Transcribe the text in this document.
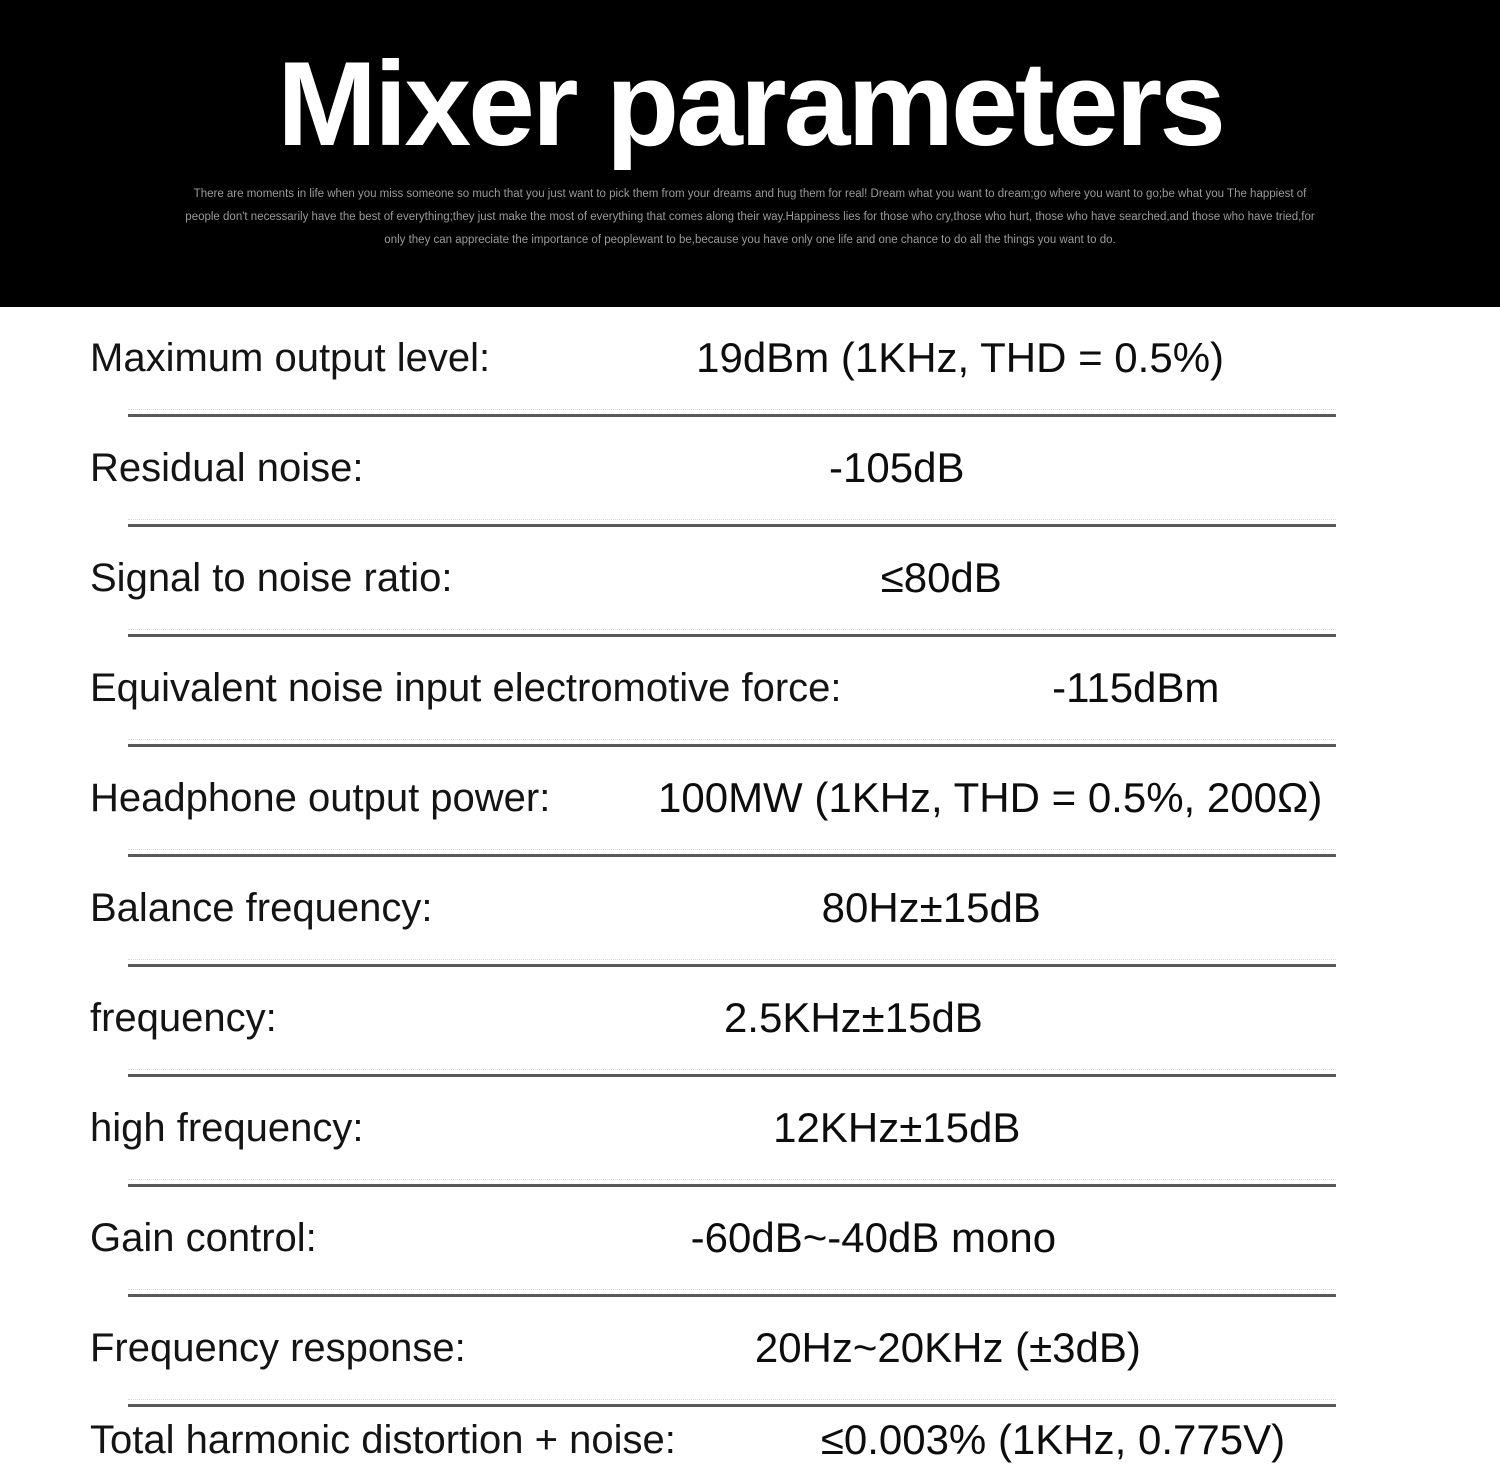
Mixer parameters
There are moments in life when you miss someone so much that you just want to pick them from your dreams and hug them for real! Dream what you want to dream;go where you want to go;be what you The happiest of
people don't necessarily have the best of everything;they just make the most of everything that comes along their way.Happiness lies for those who cry,those who hurt, those who have searched,and those who have tried,for
only they can appreciate the importance of peoplewant to be,because you have only one life and one chance to do all the things you want to do.
Maximum output level:	19dBm (1KHz, THD = 0.5%)
Residual noise:	-105dB
Signal to noise ratio:	≤80dB
Equivalent noise input electromotive force:	-115dBm
Headphone output power:	100MW (1KHz, THD = 0.5%, 200Ω)
Balance frequency:	80Hz±15dB
frequency:	2.5KHz±15dB
high frequency:	12KHz±15dB
Gain control:	-60dB~-40dB mono
Frequency response:	20Hz~20KHz (±3dB)
Total harmonic distortion + noise:	≤0.003% (1KHz, 0.775V)
